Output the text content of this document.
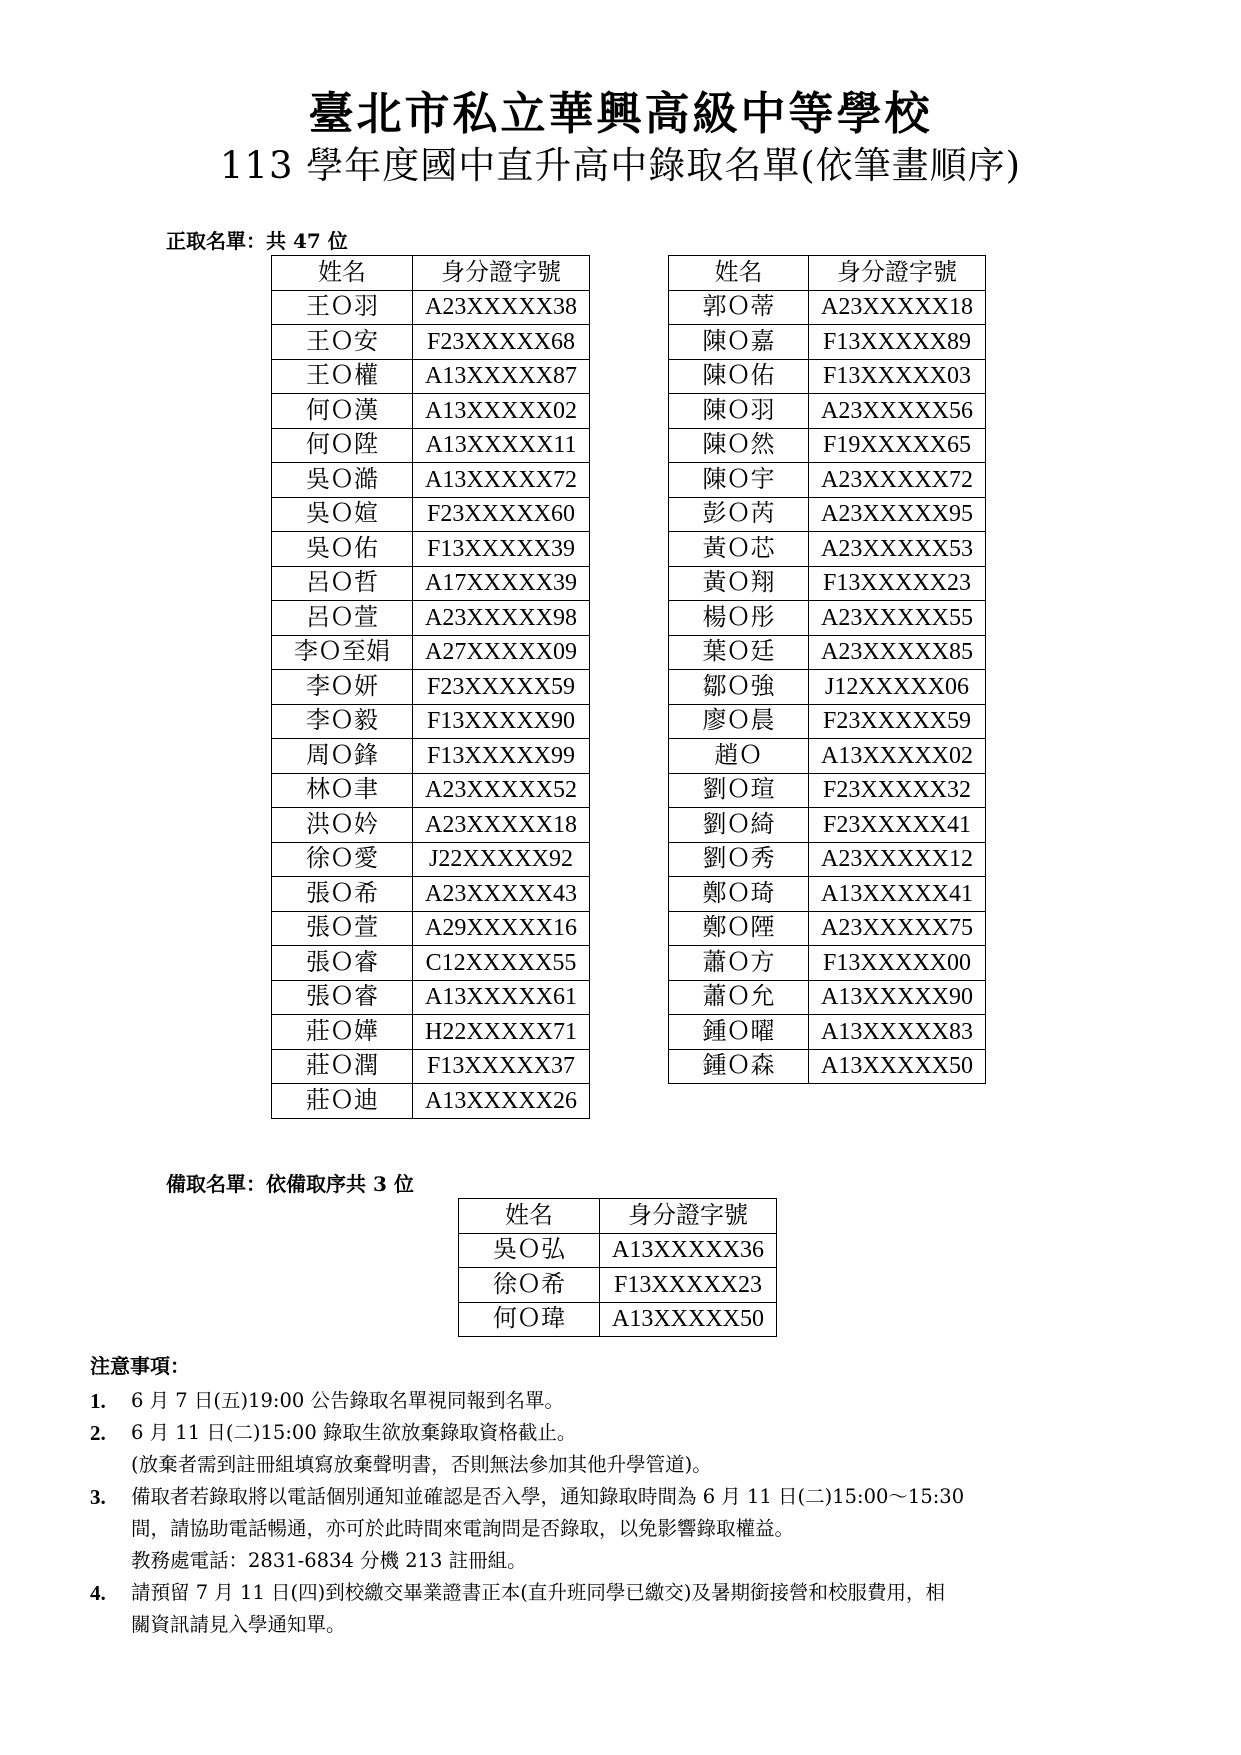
臺北市私立華興高級中等學校
113 學年度國中直升高中錄取名單(依筆畫順序)
正取名單：共 47 位
姓名	身分證字號
王Ｏ羽	A23XXXXX38
王Ｏ安	F23XXXXX68
王Ｏ權	A13XXXXX87
何Ｏ漢	A13XXXXX02
何Ｏ陞	A13XXXXX11
吳Ｏ澔	A13XXXXX72
吳Ｏ媗	F23XXXXX60
吳Ｏ佑	F13XXXXX39
呂Ｏ哲	A17XXXXX39
呂Ｏ萱	A23XXXXX98
李Ｏ至娟	A27XXXXX09
李Ｏ妍	F23XXXXX59
李Ｏ毅	F13XXXXX90
周Ｏ鋒	F13XXXXX99
林Ｏ聿	A23XXXXX52
洪Ｏ妗	A23XXXXX18
徐Ｏ愛	J22XXXXX92
張Ｏ希	A23XXXXX43
張Ｏ萱	A29XXXXX16
張Ｏ睿	C12XXXXX55
張Ｏ睿	A13XXXXX61
莊Ｏ嬅	H22XXXXX71
莊Ｏ潤	F13XXXXX37
莊Ｏ迪	A13XXXXX26
姓名	身分證字號
郭Ｏ蒂	A23XXXXX18
陳Ｏ嘉	F13XXXXX89
陳Ｏ佑	F13XXXXX03
陳Ｏ羽	A23XXXXX56
陳Ｏ然	F19XXXXX65
陳Ｏ宇	A23XXXXX72
彭Ｏ芮	A23XXXXX95
黃Ｏ芯	A23XXXXX53
黃Ｏ翔	F13XXXXX23
楊Ｏ彤	A23XXXXX55
葉Ｏ廷	A23XXXXX85
鄒Ｏ強	J12XXXXX06
廖Ｏ晨	F23XXXXX59
趙Ｏ	A13XXXXX02
劉Ｏ瑄	F23XXXXX32
劉Ｏ綺	F23XXXXX41
劉Ｏ秀	A23XXXXX12
鄭Ｏ琦	A13XXXXX41
鄭Ｏ陻	A23XXXXX75
蕭Ｏ方	F13XXXXX00
蕭Ｏ允	A13XXXXX90
鍾Ｏ曜	A13XXXXX83
鍾Ｏ森	A13XXXXX50
備取名單：依備取序共 3 位
姓名	身分證字號
吳Ｏ弘	A13XXXXX36
徐Ｏ希	F13XXXXX23
何Ｏ瑋	A13XXXXX50
注意事項：
1. 6 月 7 日(五)19:00 公告錄取名單視同報到名單。
2. 6 月 11 日(二)15:00 錄取生欲放棄錄取資格截止。
(放棄者需到註冊組填寫放棄聲明書，否則無法參加其他升學管道)。
3. 備取者若錄取將以電話個別通知並確認是否入學，通知錄取時間為 6 月 11 日(二)15:00～15:30
間，請協助電話暢通，亦可於此時間來電詢問是否錄取，以免影響錄取權益。
教務處電話：2831-6834 分機 213 註冊組。
4. 請預留 7 月 11 日(四)到校繳交畢業證書正本(直升班同學已繳交)及暑期銜接營和校服費用，相
關資訊請見入學通知單。
